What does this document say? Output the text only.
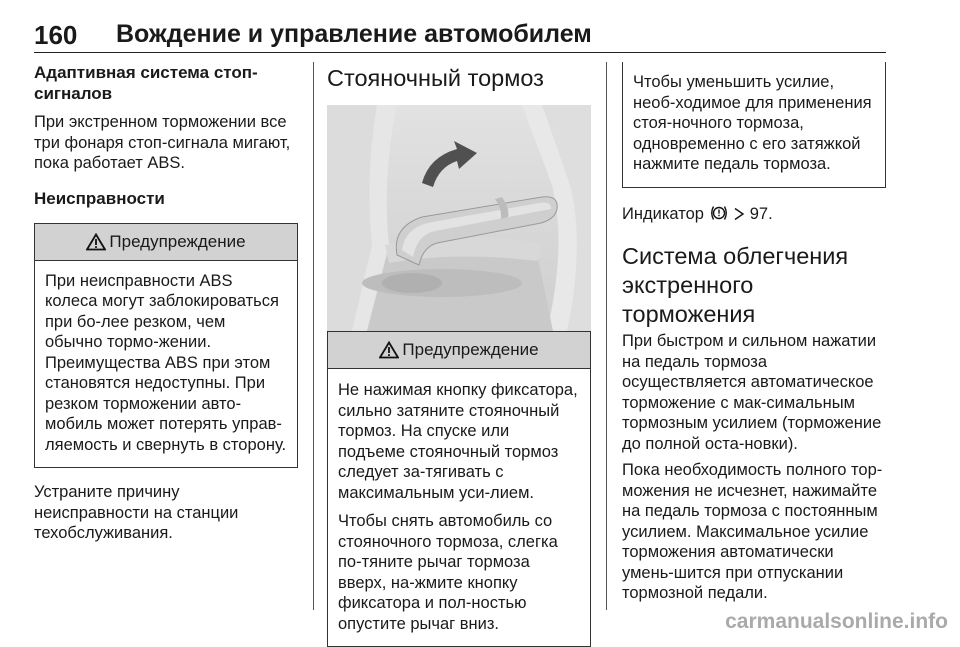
160 Вождение и управление автомобилем
Адаптивная система стоп-сигналов

При экстренном торможении все три фонаря стоп-сигнала мигают, пока работает ABS.

Неисправности
Предупреждение

При неисправности ABS колеса могут заблокироваться при бо-лее резком, чем обычно тормо-жении. Преимущества ABS при этом становятся недоступны. При резком торможении авто-мобиль может потерять управ-ляемость и свернуть в сторону.

Устраните причину неисправности на станции техобслуживания.

Стояночный тормоз
Предупреждение

Не нажимая кнопку фиксатора, сильно затяните стояночный тормоз. На спуске или подъеме стояночный тормоз следует за-тягивать с максимальным уси-лием.

Чтобы снять автомобиль со стояночного тормоза, слегка по-тяните рычаг тормоза вверх, на-жмите кнопку фиксатора и пол-ностью опустите рычаг вниз.

Чтобы уменьшить усилие, необ-ходимое для применения стоя-ночного тормоза, одновременно с его затяжкой нажмите педаль тормоза.

Индикатор	97.

Система облегчения экстренного торможения

При быстром и сильном нажатии на педаль тормоза осуществляется автоматическое торможение с мак-симальным тормозным усилием (торможение до полной оста-новки).

Пока необходимость полного тор-можения не исчезнет, нажимайте на педаль тормоза с постоянным усилием. Максимальное усилие торможения автоматически умень-шится при отпускании тормозной педали.

carmanualsonline.info
